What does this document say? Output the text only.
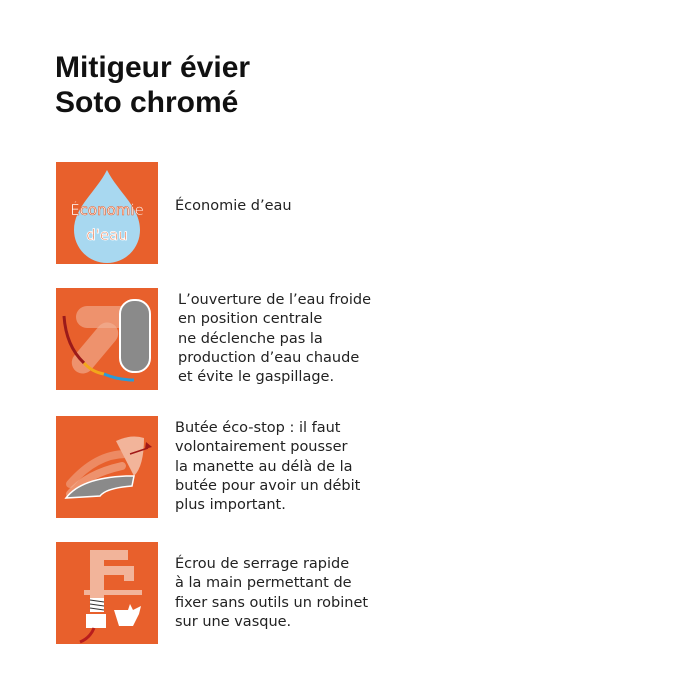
Mitigeur évier
Soto chromé
Économie
d'eau
Économie d’eau
L’ouverture de l’eau froide
en position centrale
ne déclenche pas la
production d’eau chaude
et évite le gaspillage.
Butée éco-stop : il faut
volontairement pousser
la manette au délà de la
butée pour avoir un débit
plus important.
Écrou de serrage rapide
à la main permettant de
fixer sans outils un robinet
sur une vasque.
